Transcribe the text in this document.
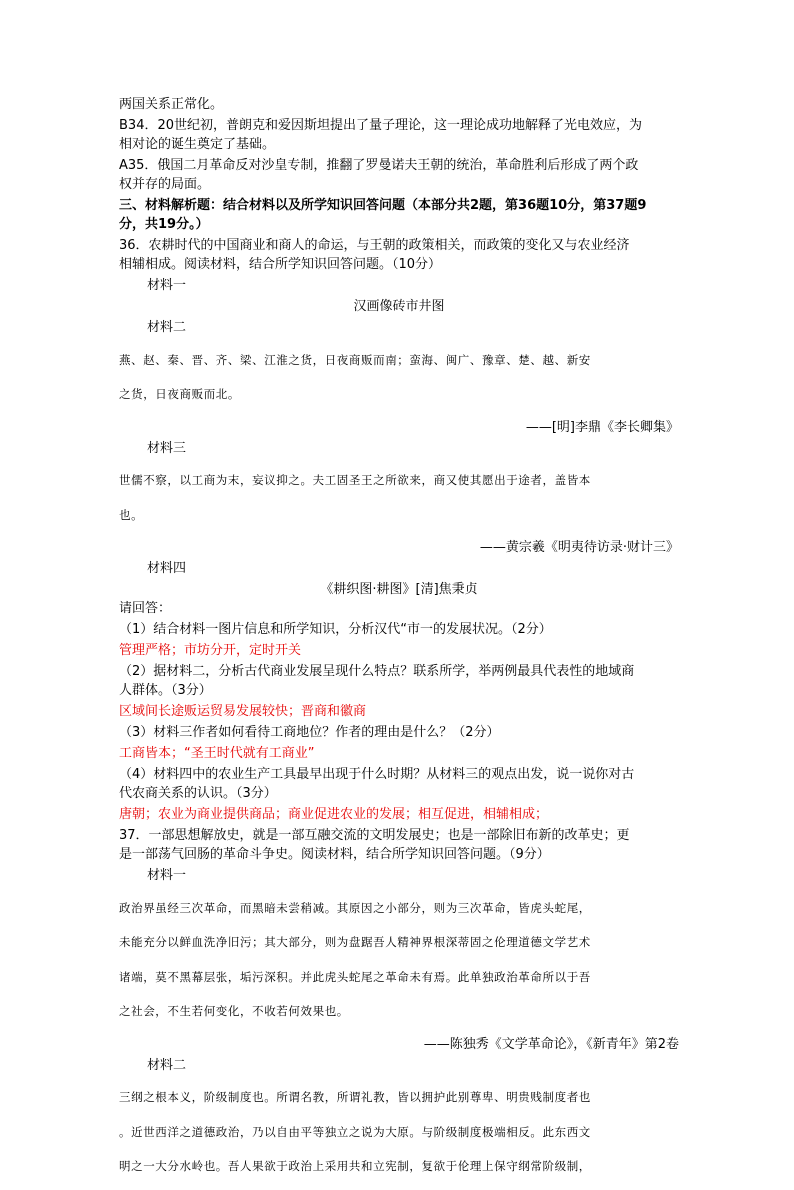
两国关系正常化。

B34．20世纪初，普朗克和爱因斯坦提出了量子理论，这一理论成功地解释了光电效应，为

相对论的诞生奠定了基础。

A35．俄国二月革命反对沙皇专制，推翻了罗曼诺夫王朝的统治，革命胜利后形成了两个政

权并存的局面。

三、材料解析题：结合材料以及所学知识回答问题（本部分共2题，第36题10分，第37题9

分，共19分。）

36．农耕时代的中国商业和商人的命运，与王朝的政策相关，而政策的变化又与农业经济

相辅相成。阅读材料，结合所学知识回答问题。（10分）

材料一

汉画像砖市井图

材料二

燕、赵、秦、晋、齐、梁、江淮之货，日夜商贩而南；蛮海、闽广、豫章、楚、越、新安

之货，日夜商贩而北。

——[明]李鼎《李长卿集》

材料三

世儒不察，以工商为末，妄议抑之。夫工固圣王之所欲来，商又使其愿出于途者，盖皆本

也。

——黄宗羲《明夷待访录·财计三》

材料四

《耕织图·耕图》[清]焦秉贞

请回答：

（1）结合材料一图片信息和所学知识，分析汉代“市一的发展状况。（2分）

管理严格；市坊分开，定时开关

（2）据材料二，分析古代商业发展呈现什么特点？联系所学，举两例最具代表性的地域商

人群体。（3分）

区域间长途贩运贸易发展较快；晋商和徽商

（3）材料三作者如何看待工商地位？作者的理由是什么？（2分）

工商皆本；“圣王时代就有工商业”

（4）材料四中的农业生产工具最早出现于什么时期？从材料三的观点出发，说一说你对古

代农商关系的认识。（3分）

唐朝；农业为商业提供商品；商业促进农业的发展；相互促进，相辅相成；

37．一部思想解放史，就是一部互融交流的文明发展史；也是一部除旧布新的改革史；更

是一部荡气回肠的革命斗争史。阅读材料，结合所学知识回答问题。（9分）

材料一

政治界虽经三次革命，而黑暗未尝稍减。其原因之小部分，则为三次革命，皆虎头蛇尾，

未能充分以鲜血洗净旧污；其大部分，则为盘踞吾人精神界根深蒂固之伦理道德文学艺术

诸端，莫不黑幕层张，垢污深积。并此虎头蛇尾之革命未有焉。此单独政治革命所以于吾

之社会，不生若何变化，不收若何效果也。

——陈独秀《文学革命论》，《新青年》第2卷

材料二

三纲之根本义，阶级制度也。所谓名教，所谓礼教，皆以拥护此别尊卑、明贵贱制度者也

。近世西洋之道德政治，乃以自由平等独立之说为大原。与阶级制度极端相反。此东西文

明之一大分水岭也。吾人果欲于政治上采用共和立宪制，复欲于伦理上保守纲常阶级制，
